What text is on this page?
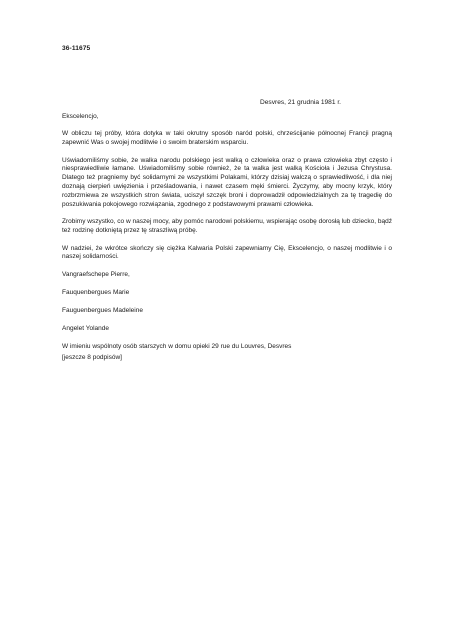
36-11675
Desvres, 21 grudnia 1981 r.

Ekscelencjo,

W obliczu tej próby, która dotyka w taki okrutny sposób naród polski, chrześcijanie północnej Francji pragną zapewnić Was o swojej modlitwie i o swoim braterskim wsparciu.

Uświadomiliśmy sobie, że walka narodu polskiego jest walką o człowieka oraz o prawa człowieka zbyt często i niesprawiedliwie łamane. Uświadomiliśmy sobie również, że ta walka jest walką Kościoła i Jezusa Chrystusa. Dlatego też pragniemy być solidarnymi ze wszystkimi Polakami, którzy dzisiaj walczą o sprawiedliwość, i dla niej doznają cierpień uwięzienia i prześladowania, i nawet czasem męki śmierci. Życzymy, aby mocny krzyk, który rozbrzmiewa ze wszystkich stron świata, uciszył szczęk broni i doprowadził odpowiedzialnych za tę tragedię do poszukiwania pokojowego rozwiązania, zgodnego z podstawowymi prawami człowieka.

Zrobimy wszystko, co w naszej mocy, aby pomóc narodowi polskiemu, wspierając osobę dorosłą lub dziecko, bądź też rodzinę dotkniętą przez tę straszliwą próbę.

W nadziei, że wkrótce skończy się ciężka Kalwaria Polski zapewniamy Cię, Ekscelencjo, o naszej modlitwie i o naszej solidarności.

Vangraefschepe Pierre,

Fauquenbergues Marie

Fauguenbergues Madeleine

Angelet Yolande

W imieniu wspólnoty osób starszych w domu opieki 29 rue du Louvres, Desvres

[jeszcze 8 podpisów]
